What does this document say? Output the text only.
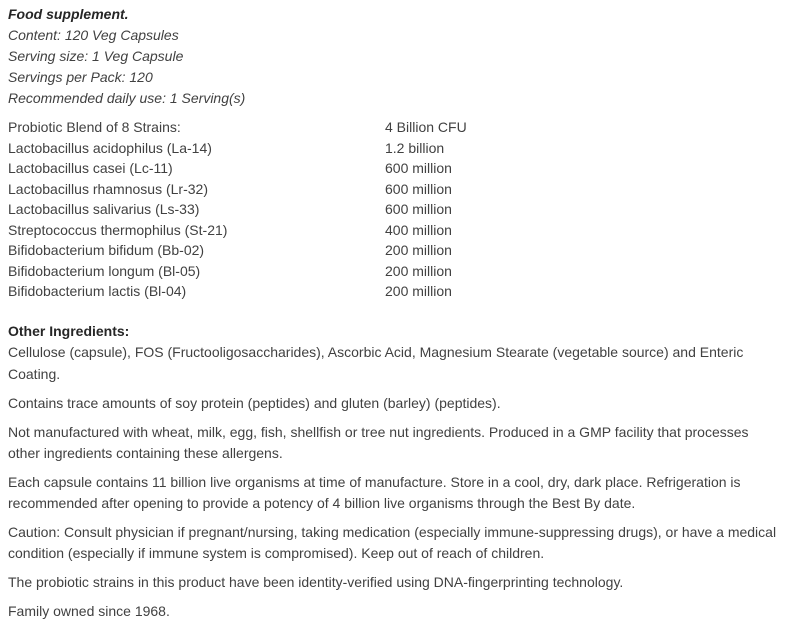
Food supplement.
Content: 120 Veg Capsules
Serving size: 1 Veg Capsule
Servings per Pack: 120
Recommended daily use: 1 Serving(s)
Probiotic Blend of 8 Strains:	4 Billion CFU
Lactobacillus acidophilus (La-14)	1.2 billion
Lactobacillus casei (Lc-11)	600 million
Lactobacillus rhamnosus (Lr-32)	600 million
Lactobacillus salivarius (Ls-33)	600 million
Streptococcus thermophilus (St-21)	400 million
Bifidobacterium bifidum (Bb-02)	200 million
Bifidobacterium longum (Bl-05)	200 million
Bifidobacterium lactis (Bl-04)	200 million
Other Ingredients:
Cellulose (capsule), FOS (Fructooligosaccharides), Ascorbic Acid, Magnesium Stearate (vegetable source) and Enteric Coating.

Contains trace amounts of soy protein (peptides) and gluten (barley) (peptides).

Not manufactured with wheat, milk, egg, fish, shellfish or tree nut ingredients. Produced in a GMP facility that processes other ingredients containing these allergens.

Each capsule contains 11 billion live organisms at time of manufacture. Store in a cool, dry, dark place. Refrigeration is recommended after opening to provide a potency of 4 billion live organisms through the Best By date.

Caution: Consult physician if pregnant/nursing, taking medication (especially immune-suppressing drugs), or have a medical condition (especially if immune system is compromised). Keep out of reach of children.

The probiotic strains in this product have been identity-verified using DNA-fingerprinting technology.

Family owned since 1968.
